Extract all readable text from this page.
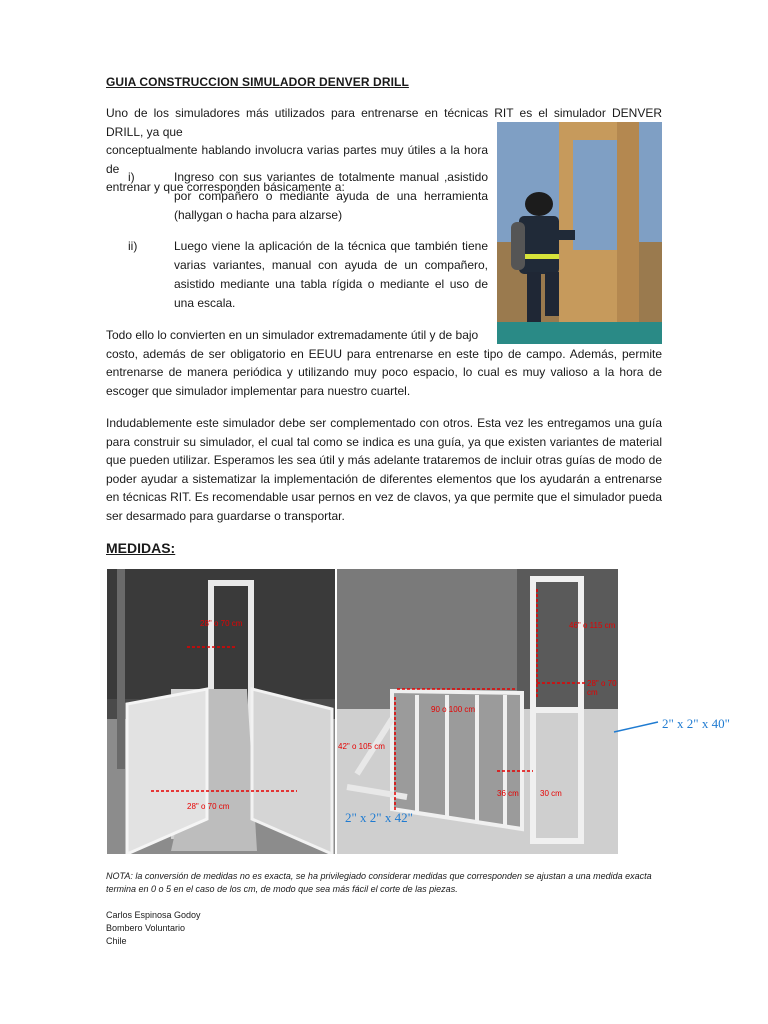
GUIA CONSTRUCCION SIMULADOR DENVER DRILL
Uno de los simuladores más utilizados para entrenarse en técnicas RIT es el simulador DENVER DRILL, ya que

conceptualmente hablando involucra varias partes muy útiles a la hora de
entrenar y que corresponden básicamente a:
i)	Ingreso con sus variantes de totalmente manual ,asistido por compañero o mediante ayuda de una herramienta (hallygan o hacha para alzarse)
ii)	Luego viene la aplicación de la técnica que también tiene varias variantes, manual con ayuda de un compañero, asistido mediante una tabla rígida o mediante el uso de una escala.
Todo ello lo convierten en un simulador extremadamente útil y de bajo
costo, además de ser obligatorio en EEUU para entrenarse en este tipo de campo. Además, permite entrenarse de manera periódica y utilizando muy poco espacio, lo cual es muy valioso a la hora de escoger que simulador implementar para nuestro cuartel.
Indudablemente este simulador debe ser complementado con otros. Esta vez les entregamos una guía para construir su simulador, el cual tal como se indica es una guía, ya que existen variantes de material que pueden utilizar. Esperamos les sea útil y más adelante trataremos de incluir otras guías de modo de poder ayudar a sistematizar la implementación de diferentes elementos que los ayudarán a entrenarse en técnicas RIT. Es recomendable usar pernos en vez de clavos, ya que permite que el simulador pueda ser desarmado para guardarse o transportar.
MEDIDAS:
28" o 70 cm
28" o 70 cm
46" o 115 cm
28" o 70 cm
90 o 100 cm
42" o 105 cm
36 cm	30 cm
2" x 2" x 40"
2" x 2" x 42"
NOTA: la conversión de medidas no es exacta, se ha privilegiado considerar medidas que corresponden se ajustan a una medida exacta termina en 0 o 5 en el caso de los cm, de modo que sea más fácil el corte de las piezas.
Carlos Espinosa Godoy
Bombero Voluntario
Chile
